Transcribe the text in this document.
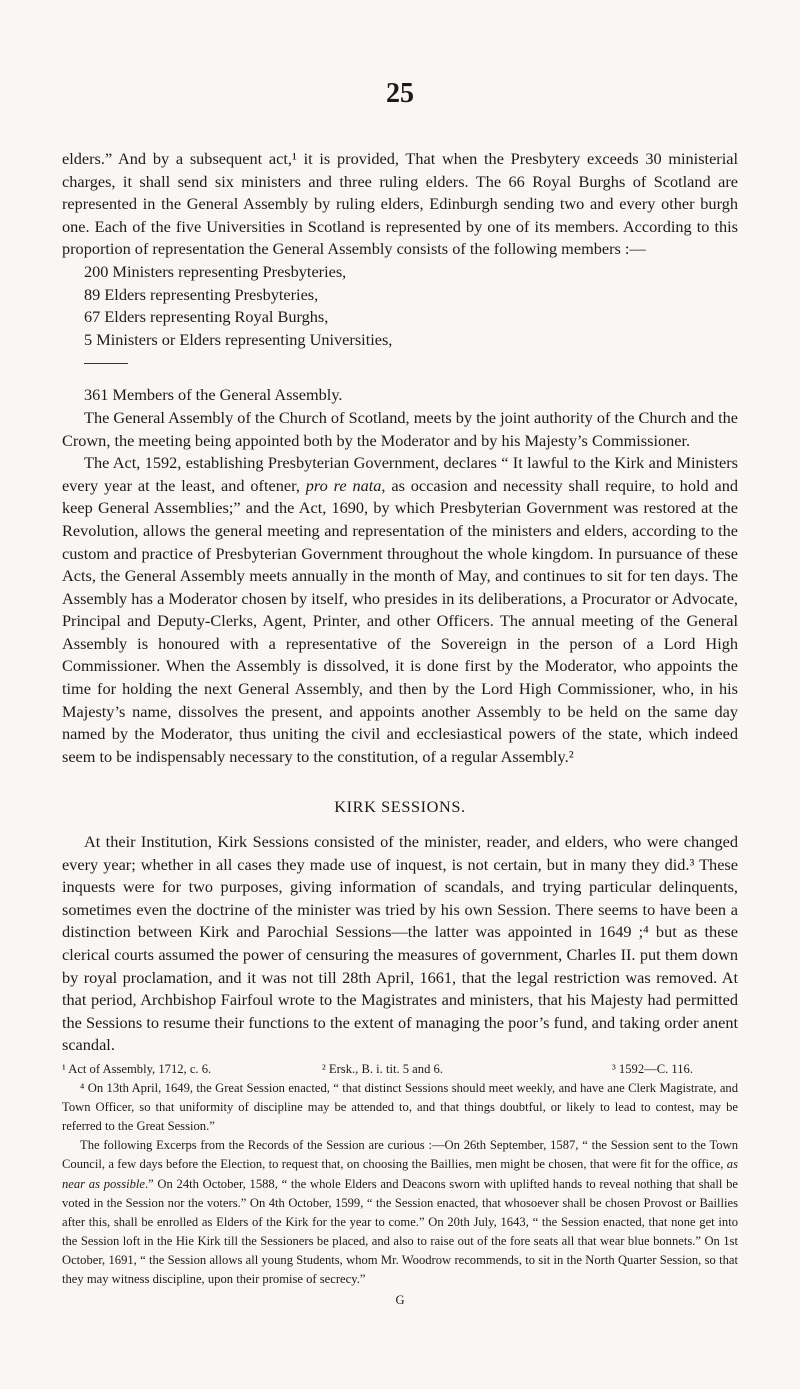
25

elders.” And by a subsequent act,¹ it is provided, That when the Presbytery exceeds 30 ministerial charges, it shall send six ministers and three ruling elders. The 66 Royal Burghs of Scotland are represented in the General Assembly by ruling elders, Edinburgh sending two and every other burgh one. Each of the five Universities in Scotland is represented by one of its members. According to this proportion of representation the General Assembly consists of the following members :—

200 Ministers representing Presbyteries,
89 Elders representing Presbyteries,
67 Elders representing Royal Burghs,
5 Ministers or Elders representing Universities,

361 Members of the General Assembly.

The General Assembly of the Church of Scotland, meets by the joint authority of the Church and the Crown, the meeting being appointed both by the Moderator and by his Majesty’s Commissioner.

The Act, 1592, establishing Presbyterian Government, declares “ It lawful to the Kirk and Ministers every year at the least, and oftener, pro re nata, as occasion and necessity shall require, to hold and keep General Assemblies;” and the Act, 1690, by which Presbyterian Government was restored at the Revolution, allows the general meeting and representation of the ministers and elders, according to the custom and practice of Presbyterian Government throughout the whole kingdom. In pursuance of these Acts, the General Assembly meets annually in the month of May, and continues to sit for ten days. The Assembly has a Moderator chosen by itself, who presides in its deliberations, a Procurator or Advocate, Principal and Deputy-Clerks, Agent, Printer, and other Officers. The annual meeting of the General Assembly is honoured with a representative of the Sovereign in the person of a Lord High Commissioner. When the Assembly is dissolved, it is done first by the Moderator, who appoints the time for holding the next General Assembly, and then by the Lord High Commissioner, who, in his Majesty’s name, dissolves the present, and appoints another Assembly to be held on the same day named by the Moderator, thus uniting the civil and ecclesiastical powers of the state, which indeed seem to be indispensably necessary to the constitution, of a regular Assembly.²

KIRK SESSIONS.

At their Institution, Kirk Sessions consisted of the minister, reader, and elders, who were changed every year; whether in all cases they made use of inquest, is not certain, but in many they did.³ These inquests were for two purposes, giving information of scandals, and trying particular delinquents, sometimes even the doctrine of the minister was tried by his own Session. There seems to have been a distinction between Kirk and Parochial Sessions—the latter was appointed in 1649 ;⁴ but as these clerical courts assumed the power of censuring the measures of government, Charles II. put them down by royal proclamation, and it was not till 28th April, 1661, that the legal restriction was removed. At that period, Archbishop Fairfoul wrote to the Magistrates and ministers, that his Majesty had permitted the Sessions to resume their functions to the extent of managing the poor’s fund, and taking order anent scandal.

¹ Act of Assembly, 1712, c. 6.	² Ersk., B. i. tit. 5 and 6.	³ 1592—C. 116.

⁴ On 13th April, 1649, the Great Session enacted, “ that distinct Sessions should meet weekly, and have ane Clerk Magistrate, and Town Officer, so that uniformity of discipline may be attended to, and that things doubtful, or likely to lead to contest, may be referred to the Great Session.”

The following Excerps from the Records of the Session are curious :—On 26th September, 1587, “ the Session sent to the Town Council, a few days before the Election, to request that, on choosing the Baillies, men might be chosen, that were fit for the office, as near as possible.” On 24th October, 1588, “ the whole Elders and Deacons sworn with uplifted hands to reveal nothing that shall be voted in the Session nor the voters.” On 4th October, 1599, “ the Session enacted, that whosoever shall be chosen Provost or Baillies after this, shall be enrolled as Elders of the Kirk for the year to come.” On 20th July, 1643, “ the Session enacted, that none get into the Session loft in the Hie Kirk till the Sessioners be placed, and also to raise out of the fore seats all that wear blue bonnets.” On 1st October, 1691, “ the Session allows all young Students, whom Mr. Woodrow recommends, to sit in the North Quarter Session, so that they may witness discipline, upon their promise of secrecy.”

G
